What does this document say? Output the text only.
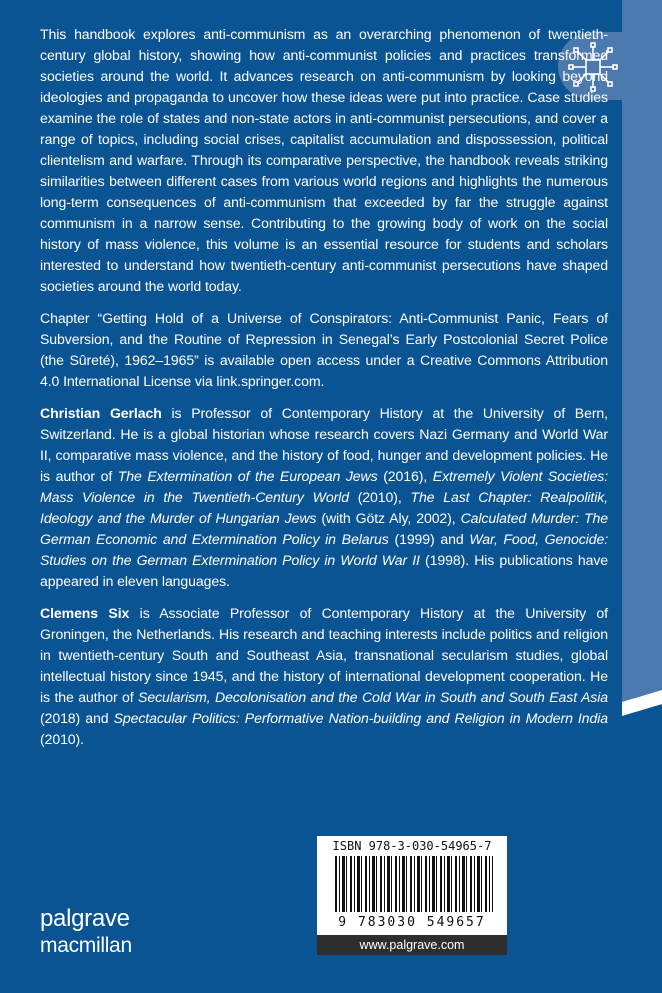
This handbook explores anti-communism as an overarching phenomenon of twentieth-century global history, showing how anti-communist policies and practices transformed societies around the world. It advances research on anti-communism by looking beyond ideologies and propaganda to uncover how these ideas were put into practice. Case studies examine the role of states and non-state actors in anti-communist persecutions, and cover a range of topics, including social crises, capitalist accumulation and dispossession, political clientelism and warfare. Through its comparative perspective, the handbook reveals striking similarities between different cases from various world regions and highlights the numerous long-term consequences of anti-communism that exceeded by far the struggle against communism in a narrow sense. Contributing to the growing body of work on the social history of mass violence, this volume is an essential resource for students and scholars interested to understand how twentieth-century anti-communist persecutions have shaped societies around the world today.

Chapter “Getting Hold of a Universe of Conspirators: Anti-Communist Panic, Fears of Subversion, and the Routine of Repression in Senegal’s Early Postcolonial Secret Police (the Sûreté), 1962–1965” is available open access under a Creative Commons Attribution 4.0 International License via link.springer.com.

Christian Gerlach is Professor of Contemporary History at the University of Bern, Switzerland. He is a global historian whose research covers Nazi Germany and World War II, comparative mass violence, and the history of food, hunger and development policies. He is author of The Extermination of the European Jews (2016), Extremely Violent Societies: Mass Violence in the Twentieth-Century World (2010), The Last Chapter: Realpolitik, Ideology and the Murder of Hungarian Jews (with Götz Aly, 2002), Calculated Murder: The German Economic and Extermination Policy in Belarus (1999) and War, Food, Genocide: Studies on the German Extermination Policy in World War II (1998). His publications have appeared in eleven languages.

Clemens Six is Associate Professor of Contemporary History at the University of Groningen, the Netherlands. His research and teaching interests include politics and religion in twentieth-century South and Southeast Asia, transnational secularism studies, global intellectual history since 1945, and the history of international development cooperation. He is the author of Secularism, Decolonisation and the Cold War in South and South East Asia (2018) and Spectacular Politics: Performative Nation-building and Religion in Modern India (2010).

palgrave
macmillan
ISBN 978-3-030-54965-7
9 783030 549657
www.palgrave.com
